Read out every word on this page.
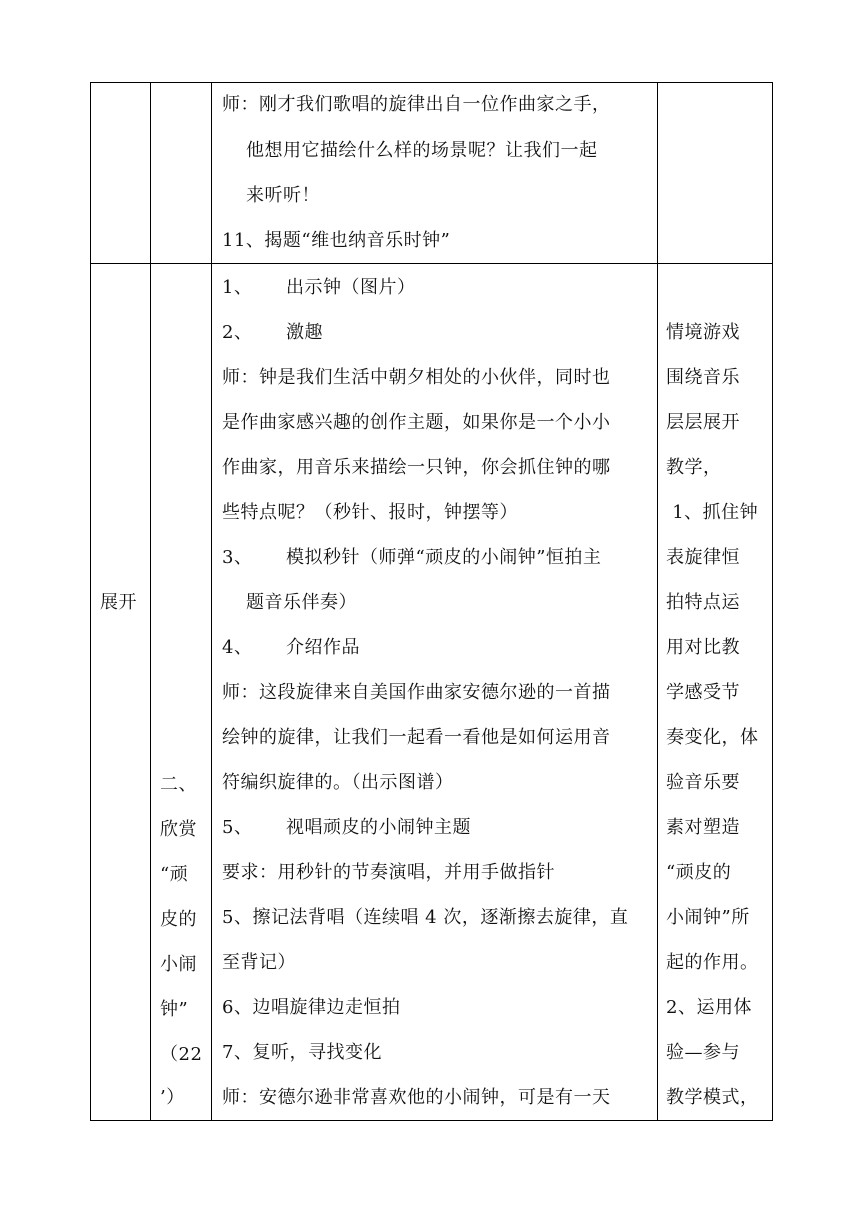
师：刚才我们歌唱的旋律出自一位作曲家之手，
他想用它描绘什么样的场景呢？让我们一起
来听听！
11、揭题“维也纳音乐时钟”
展开
二、
欣赏
“顽
皮的
小闹
钟”
（22
’）
1、 出示钟（图片）
2、 激趣
师：钟是我们生活中朝夕相处的小伙伴，同时也
是作曲家感兴趣的创作主题，如果你是一个小小
作曲家，用音乐来描绘一只钟，你会抓住钟的哪
些特点呢？（秒针、报时，钟摆等）
3、 模拟秒针（师弹“顽皮的小闹钟”恒拍主
题音乐伴奏）
4、 介绍作品
师：这段旋律来自美国作曲家安德尔逊的一首描
绘钟的旋律，让我们一起看一看他是如何运用音
符编织旋律的。（出示图谱）
5、 视唱顽皮的小闹钟主题
要求：用秒针的节奏演唱，并用手做指针
5、擦记法背唱（连续唱 4 次，逐渐擦去旋律，直
至背记）
6、边唱旋律边走恒拍
7、复听，寻找变化
师：安德尔逊非常喜欢他的小闹钟，可是有一天
情境游戏
围绕音乐
层层展开
教学，
1、抓住钟
表旋律恒
拍特点运
用对比教
学感受节
奏变化，体
验音乐要
素对塑造
“顽皮的
小闹钟”所
起的作用。
2、运用体
验—参与
教学模式，
